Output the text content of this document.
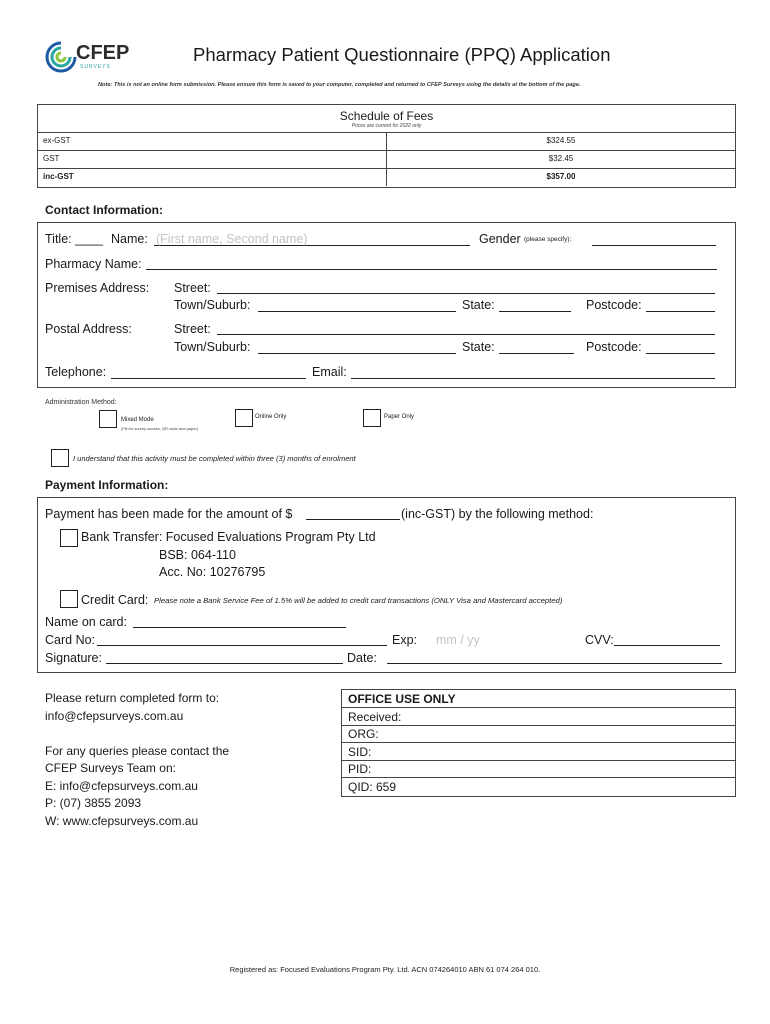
CFEP
SURVEYS
Pharmacy Patient Questionnaire (PPQ) Application
Note: This is not an online form submission. Please ensure this form is saved to your computer, completed and returned to CFEP Surveys using the details at the bottom of the page.
Schedule of Fees
Prices are current for 2022 only
ex-GST	$324.55
GST	$32.45
inc-GST	$357.00
Contact Information:
Title: ____ Name: (First name, Second name)	Gender (please specify):
Pharmacy Name:
Premises Address: Street:
Town/Suburb:	State:	Postcode:
Postal Address:	Street:
Town/Suburb:	State:	Postcode:
Telephone:	Email:
Administration Method:
Mixed Mode
(Fill for survey access, QR code and paper)
Online Only	Paper Only
I understand that this activity must be completed within three (3) months of enrolment
Payment Information:
Payment has been made for the amount of $	(inc-GST) by the following method:
Bank Transfer: Focused Evaluations Program Pty Ltd
BSB: 064-110
Acc. No: 10276795
Credit Card: Please note a Bank Service Fee of 1.5% will be added to credit card transactions (ONLY Visa and Mastercard accepted)
Name on card:
Card No:	Exp: mm / yy	CVV:
Signature:	Date:
Please return completed form to:
info@cfepsurveys.com.au
For any queries please contact the
CFEP Surveys Team on:
E: info@cfepsurveys.com.au
P: (07) 3855 2093
W: www.cfepsurveys.com.au
OFFICE USE ONLY
Received:
ORG:
SID:
PID:
QID: 659
Registered as: Focused Evaluations Program Pty. Ltd. ACN 074264010 ABN 61 074 264 010.
